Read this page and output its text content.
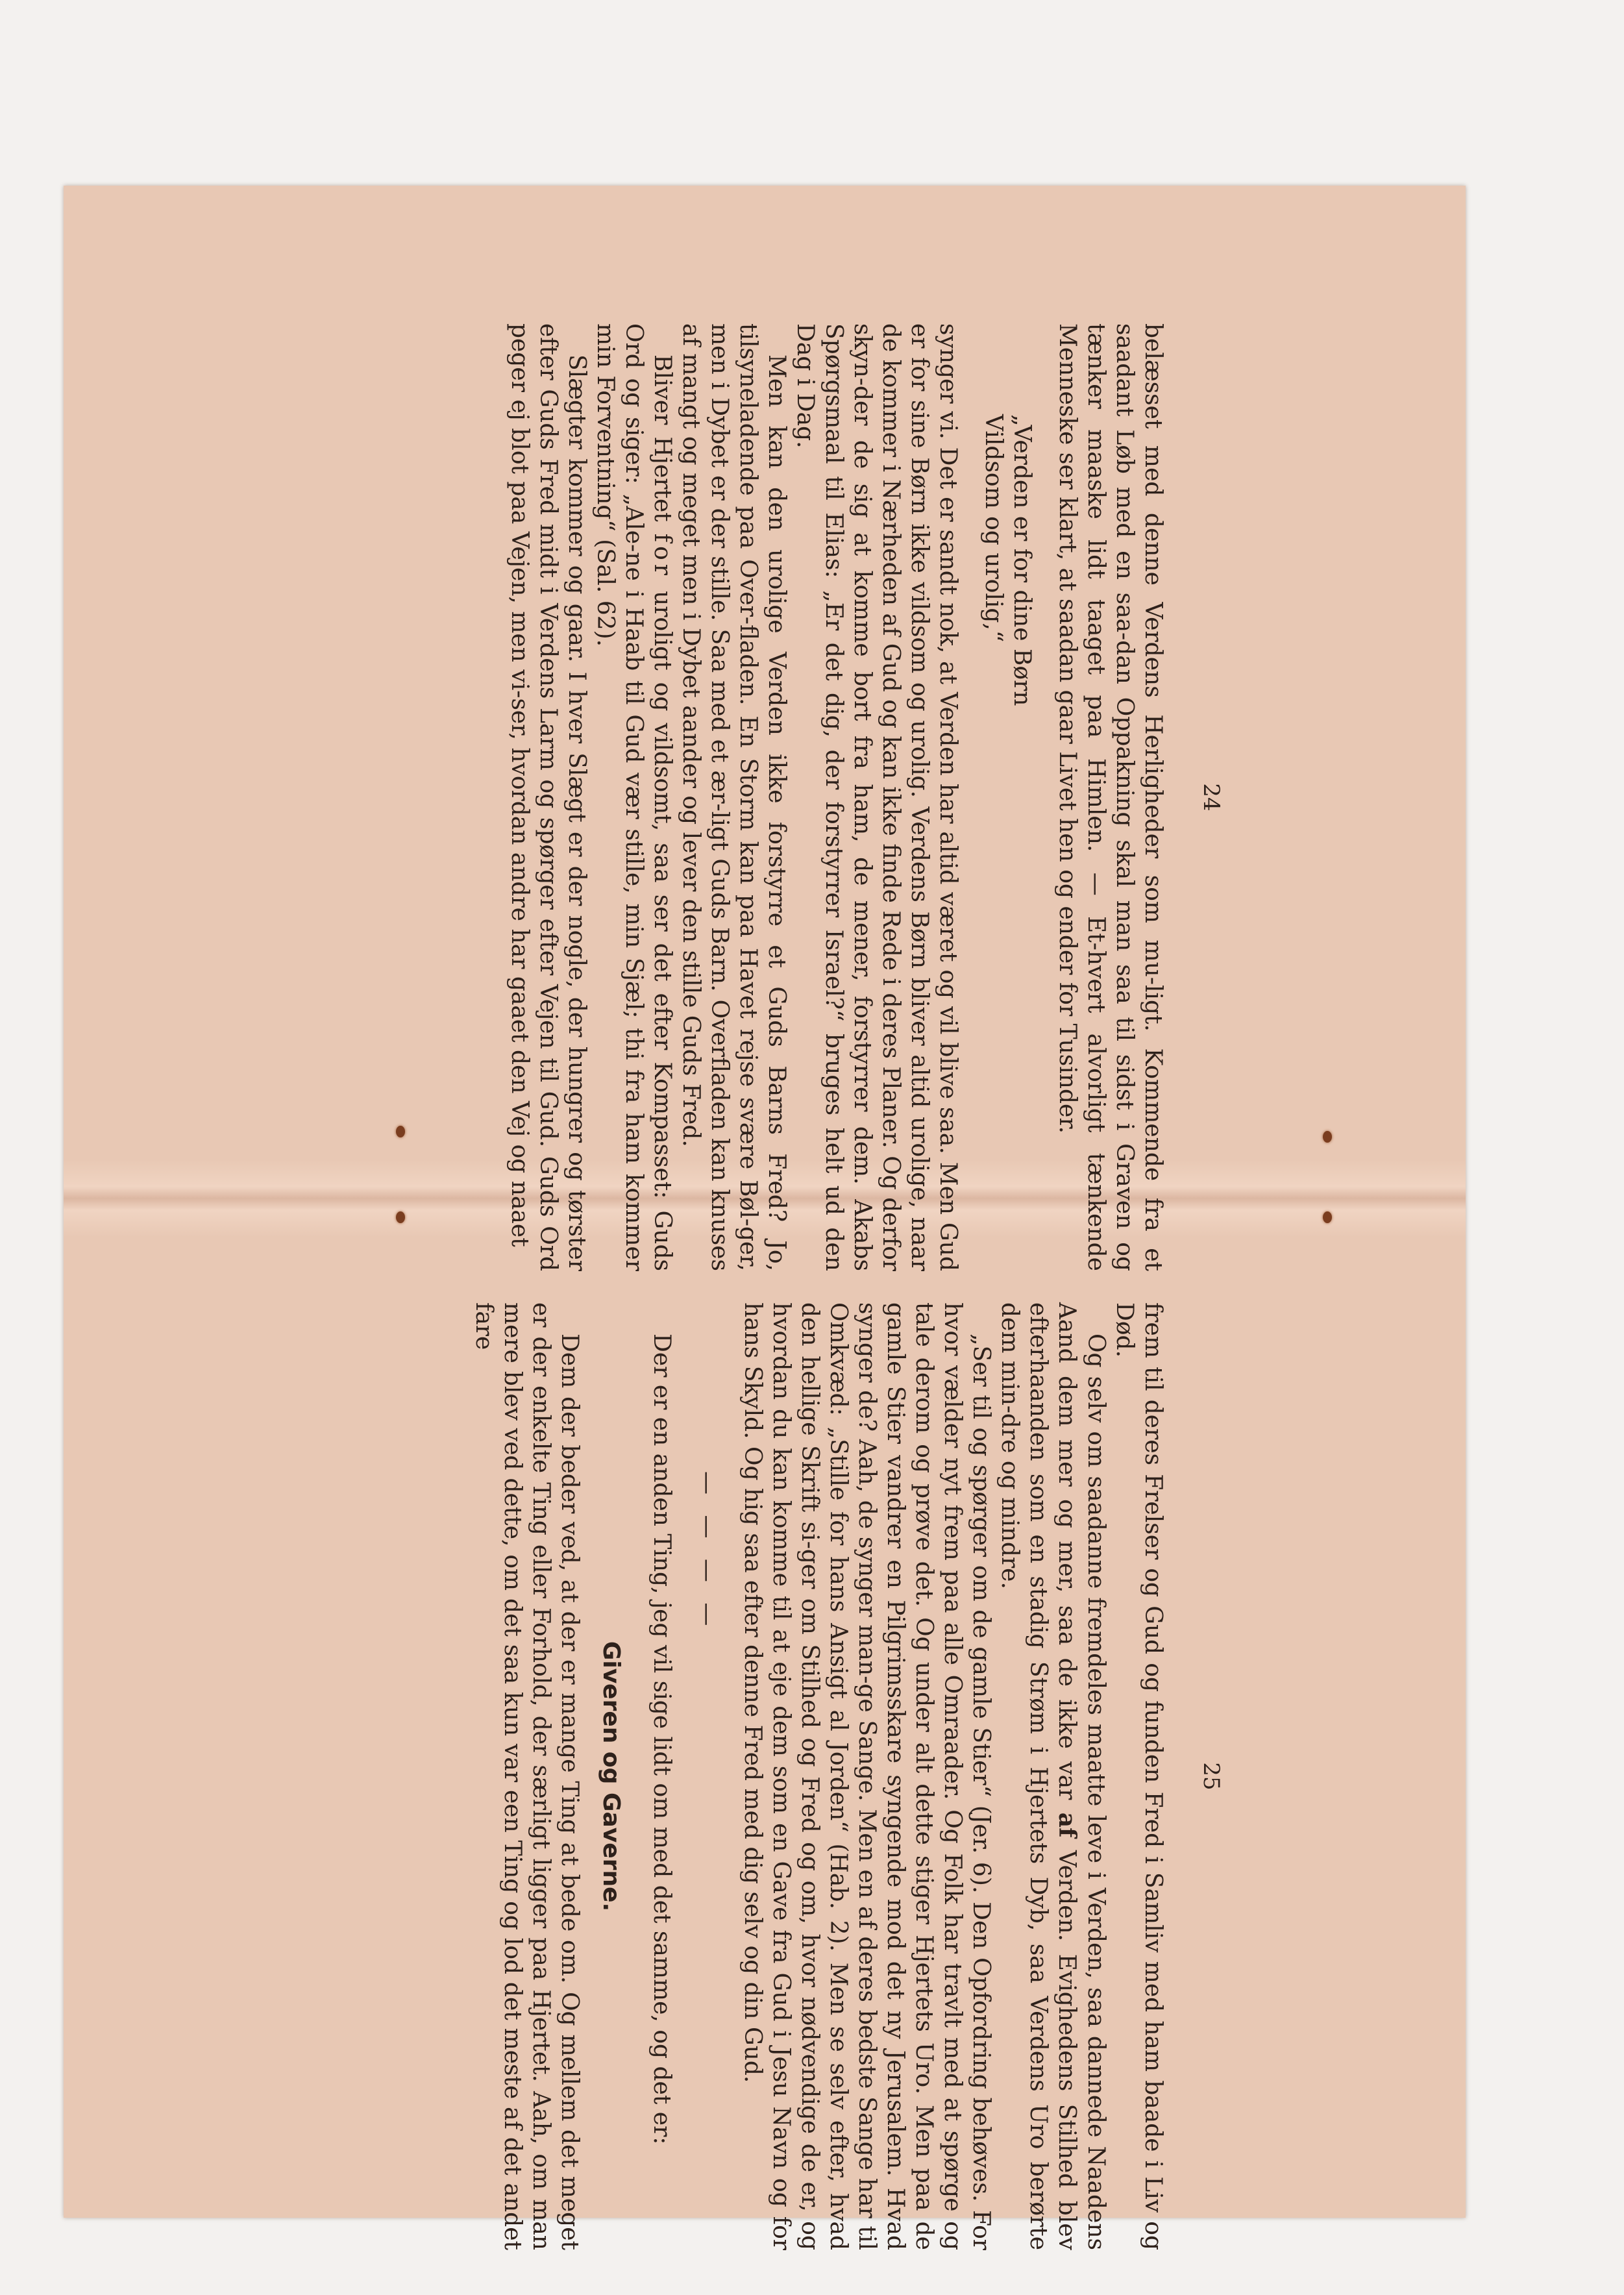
24

belæsset med denne Verdens Herligheder som mu-ligt. Kommende fra et saadant Løb med en saa-dan Oppakning skal man saa til sidst i Graven og tænker maaske lidt taaget paa Himlen. — Et-hvert alvorligt tænkende Menneske ser klart, at saadan gaar Livet hen og ender for Tusinder.

„Verden er for dine Børn
Vildsom og urolig,“

synger vi. Det er sandt nok, at Verden har altid været og vil blive saa. Men Gud er for sine Børn ikke vildsom og urolig. Verdens Børn bliver altid urolige, naar de kommer i Nærheden af Gud og kan ikke finde Rede i deres Planer. Og derfor skyn-der de sig at komme bort fra ham, de mener, forstyrrer dem. Akabs Spørgsmaal til Elias: „Er det dig, der forstyrrer Israel?“ bruges helt ud den Dag i Dag.

Men kan den urolige Verden ikke forstyrre et Guds Barns Fred? Jo, tilsyneladende paa Over-fladen. En Storm kan paa Havet rejse svære Bøl-ger, men i Dybet er der stille. Saa med et ær-ligt Guds Barn. Overfladen kan knuses af mangt og meget men i Dybet aander og lever den stille Guds Fred.

Bliver Hjertet for uroligt og vildsomt, saa ser det efter Kompasset: Guds Ord og siger: „Ale-ne i Haab til Gud vær stille, min Sjæl; thi fra ham kommer min Forventning“ (Sal. 62).

Slægter kommer og gaar. I hver Slægt er der nogle, der hungrer og tørster efter Guds Fred midt i Verdens Larm og spørger efter Vejen til Gud. Guds Ord peger ej blot paa Vejen, men vi-ser, hvordan andre har gaaet den Vej og naaet

25

frem til deres Frelser og Gud og funden Fred i Samliv med ham baade i Liv og Død.

Og selv om saadanne fremdeles maatte leve i Verden, saa dannede Naadens Aand dem mer og mer, saa de ikke var af Verden. Evighedens Stilhed blev efterhaanden som en stadig Strøm i Hjertets Dyb, saa Verdens Uro berørte dem min-dre og mindre.

„Ser til og spørger om de gamle Stier“ (Jer. 6). Den Opfordring behøves. For hvor vælder nyt frem paa alle Omraader. Og Folk har travlt med at spørge og tale derom og prøve det. Og under alt dette stiger Hjertets Uro. Men paa de gamle Stier vandrer en Pilgrimsskare syngende mod det ny Jerusalem. Hvad synger de? Aah, de synger man-ge Sange. Men en af deres bedste Sange har til Omkvæd: „Stille for hans Ansigt al Jorden“ (Hab. 2). Men se selv efter, hvad den hellige Skrift si-ger om Stilhed og Fred og om, hvor nødvendige de er, og hvordan du kan komme til at eje dem som en Gave fra Gud i Jesu Navn og for hans Skyld. Og hig saa efter denne Fred med dig selv og din Gud.

— — — —

Der er en anden Ting, jeg vil sige lidt om med det samme, og det er:

Giveren og Gaverne.

Dem der beder ved, at der er mange Ting at bede om. Og mellem det meget er der enkelte Ting eller Forhold, der særligt ligger paa Hjertet. Aah, om man mere blev ved dette, om det saa kun var een Ting og lod det meste af det andet fare
